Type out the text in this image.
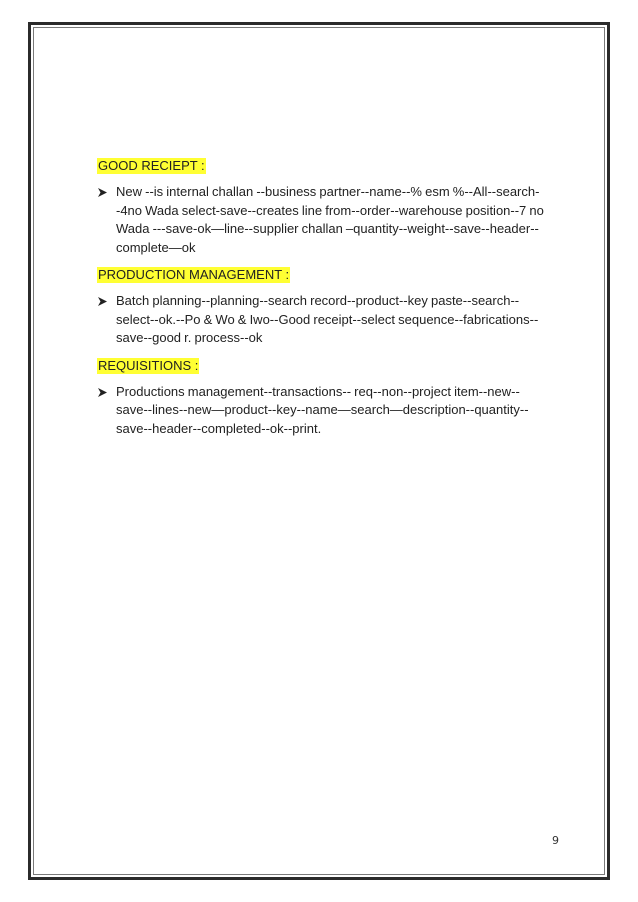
GOOD RECIEPT :
New --is internal challan --business partner--name--% esm %--All--search--4no Wada select-save--creates line from--order--warehouse position--7 no Wada ---save-ok—line--supplier challan –quantity--weight--save--header--complete—ok
PRODUCTION MANAGEMENT :
Batch planning--planning--search record--product--key paste--search--select--ok.--Po & Wo & Iwo--Good receipt--select sequence--fabrications--save--good r. process--ok
REQUISITIONS :
Productions management--transactions-- req--non--project item--new--save--lines--new—product--key--name—search—description--quantity--save--header--completed--ok--print.
9
